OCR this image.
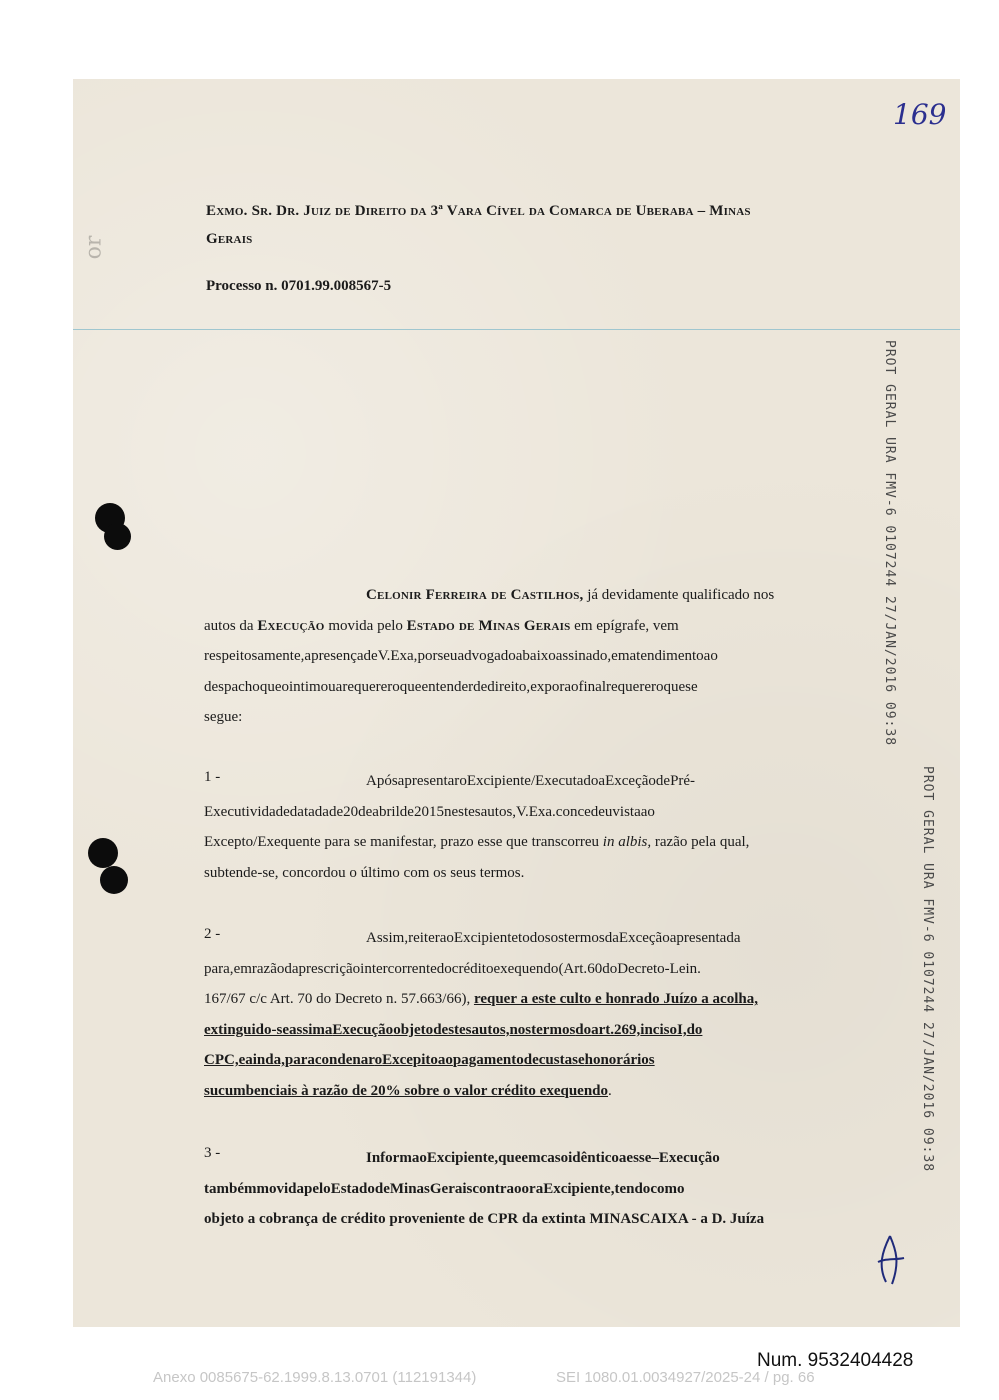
169
or
Exmo. Sr. Dr. Juiz de Direito da 3ª Vara Cível da Comarca de Uberaba – Minas
Gerais
Processo n. 0701.99.008567-5
Celonir Ferreira de Castilhos, já devidamente qualificado nos
autos da Execução movida pelo Estado de Minas Gerais em epígrafe, vem
respeitosamente,apresençadeV.Exa,porseuadvogadoabaixoassinado,ematendimentoao
despachoqueointimouarequereroqueentenderdedireito,exporaofinalrequereroquese
segue:
1 -	ApósapresentaroExcipiente/ExecutadoaExceçãodePré-
Executividadedatadade20deabrilde2015nestesautos,V.Exa.concedeuvistaao
Excepto/Exequente para se manifestar, prazo esse que transcorreu in albis, razão pela qual,
subtende-se, concordou o último com os seus termos.
2 -	Assim,reiteraoExcipientetodosostermosdaExceçãoapresentada
para,emrazãodaprescriçãointercorrentedocréditoexequendo(Art.60doDecreto-Lein.
167/67 c/c Art. 70 do Decreto n. 57.663/66), requer a este culto e honrado Juízo a acolha,
extinguido-seassimaExecuçãoobjetodestesautos,nostermosdoart.269,incisoI,do
CPC,eainda,paracondenaroExcepitoaopagamentodecustasehonorários
sucumbenciais à razão de 20% sobre o valor crédito exequendo.
3 -	InformaoExcipiente,queemcasoidênticoaesse–Execução
tambémmovidapeloEstadodeMinasGeraiscontraooraExcipiente,tendocomo
objeto a cobrança de crédito proveniente de CPR da extinta MINASCAIXA - a D. Juíza
PROT GERAL URA FMV-6 0107244 27/JAN/2016 09:38
PROT GERAL URA FMV-6 0107244 27/JAN/2016 09:38
Num. 9532404428
Anexo 0085675-62.1999.8.13.0701 (112191344)	SEI 1080.01.0034927/2025-24 / pg. 66
